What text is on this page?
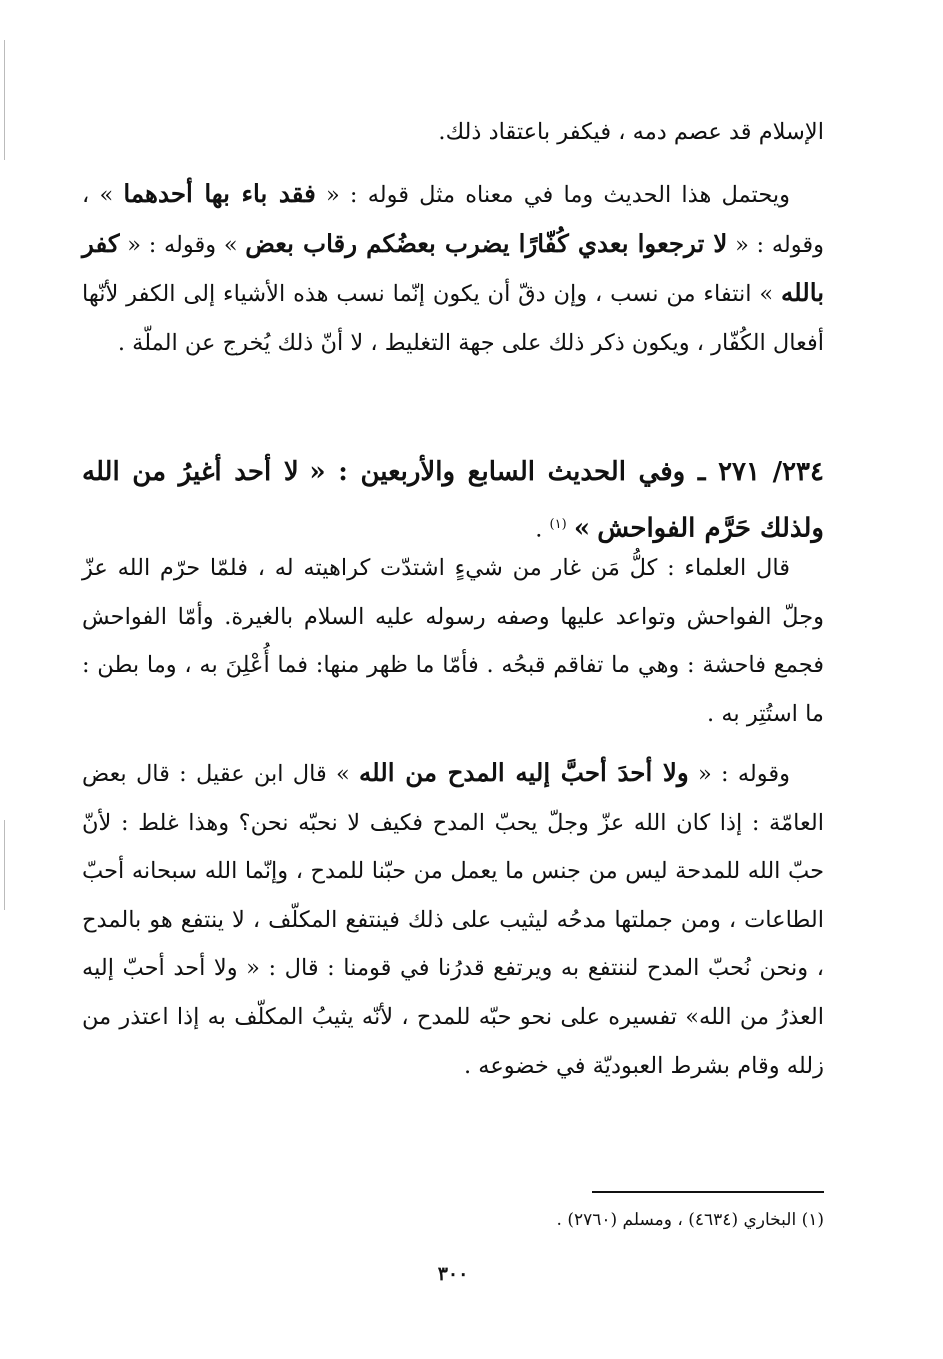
الإسلام قد عصم دمه ، فيكفر باعتقاد ذلك.

ويحتمل هذا الحديث وما في معناه مثل قوله : « فقد باء بها أحدهما » ، وقوله : « لا ترجعوا بعدي كُفّارًا يضرب بعضُكم رقاب بعض » وقوله : « كفر بالله » انتفاء من نسب ، وإن دقّ أن يكون إنّما نسب هذه الأشياء إلى الكفر لأنّها أفعال الكُفّار ، ويكون ذكر ذلك على جهة التغليط ، لا أنّ ذلك يُخرج عن الملّة .

٢٣٤/ ٢٧١ ـ وفي الحديث السابع والأربعين : « لا أحد أغيرُ من الله ولذلك حَرَّم الفواحش » $^{(١)}$ .

قال العلماء : كلُّ مَن غار من شيءٍ اشتدّت كراهيته له ، فلمّا حرّم الله عزّ وجلّ الفواحش وتواعد عليها وصفه رسوله عليه السلام بالغيرة. وأمّا الفواحش فجمع فاحشة : وهي ما تفاقم قبحُه . فأمّا ما ظهر منها: فما أُعْلِنَ به ، وما بطن : ما استُتِر به .

وقوله : « ولا أحدَ أحبَّ إليه المدح من الله » قال ابن عقيل : قال بعض العامّة : إذا كان الله عزّ وجلّ يحبّ المدح فكيف لا نحبّه نحن؟ وهذا غلط : لأنّ حبّ الله للمدحة ليس من جنس ما يعمل من حبّنا للمدح ، وإنّما الله سبحانه أحبّ الطاعات ، ومن جملتها مدحُه ليثيب على ذلك فينتفع المكلّف ، لا ينتفع هو بالمدح ، ونحن نُحبّ المدح لننتفع به ويرتفع قدرُنا في قومنا : قال : « ولا أحد أحبّ إليه العذرُ من الله» تفسيره على نحو حبّه للمدح ، لأنّه يثيبُ المكلّف به إذا اعتذر من زلله وقام بشرط العبوديّة في خضوعه .

(١) البخاري (٤٦٣٤) ، ومسلم (٢٧٦٠) .

٣٠٠
